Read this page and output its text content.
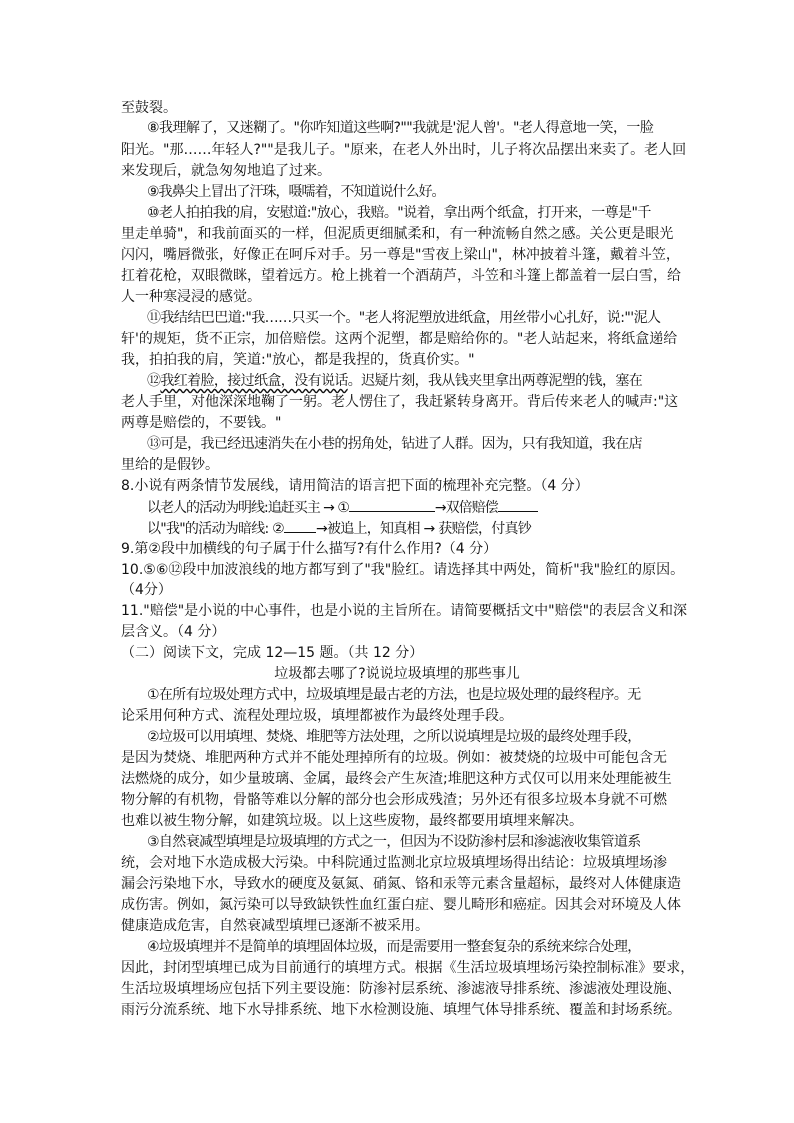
至鼓裂。
⑧我理解了，又迷糊了。"你咋知道这些啊?""我就是'泥人曾'。"老人得意地一笑，一脸
阳光。"那……年轻人?""是我儿子。"原来，在老人外出时，儿子将次品摆出来卖了。老人回
来发现后，就急匆匆地追了过来。
⑨我鼻尖上冒出了汗珠，嗫嚅着，不知道说什么好。
⑩老人拍拍我的肩，安慰道:"放心，我赔。"说着，拿出两个纸盒，打开来，一尊是"千
里走单骑"，和我前面买的一样，但泥质更细腻柔和，有一种流畅自然之感。关公更是眼光
闪闪，嘴唇微张，好像正在呵斥对手。另一尊是"雪夜上梁山"，林冲披着斗篷，戴着斗笠，
扛着花枪，双眼微眯，望着远方。枪上挑着一个酒葫芦，斗笠和斗篷上都盖着一层白雪，给
人一种寒浸浸的感觉。
⑪我结结巴巴道:"我……只买一个。"老人将泥塑放进纸盒，用丝带小心扎好，说:"'泥人
轩'的规矩，货不正宗，加倍赔偿。这两个泥塑，都是赔给你的。"老人站起来，将纸盒递给
我，拍拍我的肩，笑道:"放心，都是我捏的，货真价实。"
⑫我红着脸，接过纸盒，没有说话。迟疑片刻，我从钱夹里拿出两尊泥塑的钱，塞在
老人手里，对他深深地鞠了一躬。老人愣住了，我赶紧转身离开。背后传来老人的喊声:"这
两尊是赔偿的，不要钱。"
⑬可是，我已经迅速消失在小巷的拐角处，钻进了人群。因为，只有我知道，我在店
里给的是假钞。
8.小说有两条情节发展线，请用简洁的语言把下面的梳理补充完整。（4 分）
以老人的活动为明线:追赶买主 → ①	→双倍赔偿
以"我"的活动为暗线: ② →被追上，知真相 → 获赔偿，付真钞
9.第②段中加横线的句子属于什么描写?有什么作用?（4 分）
10.⑤⑥⑫段中加波浪线的地方都写到了"我"脸红。请选择其中两处，简析"我"脸红的原因。
（4分）
11."赔偿"是小说的中心事件，也是小说的主旨所在。请简要概括文中"赔偿"的表层含义和深
层含义。（4 分）
（二）阅读下文，完成 12—15 题。（共 12 分）
垃圾都去哪了?说说垃圾填埋的那些事儿
①在所有垃圾处理方式中，垃圾填埋是最古老的方法，也是垃圾处理的最终程序。无
论采用何种方式、流程处理垃圾，填埋都被作为最终处理手段。
②垃圾可以用填埋、焚烧、堆肥等方法处理，之所以说填埋是垃圾的最终处理手段，
是因为焚烧、堆肥两种方式并不能处理掉所有的垃圾。例如：被焚烧的垃圾中可能包含无
法燃烧的成分，如少量玻璃、金属，最终会产生灰渣;堆肥这种方式仅可以用来处理能被生
物分解的有机物，骨骼等难以分解的部分也会形成残渣；另外还有很多垃圾本身就不可燃
也难以被生物分解，如建筑垃圾。以上这些废物，最终都要用填埋来解决。
③自然衰减型填埋是垃圾填埋的方式之一，但因为不设防渗村层和渗滤液收集管道系
统，会对地下水造成极大污染。中科院通过监测北京垃圾填埋场得出结论：垃圾填埋场渗
漏会污染地下水，导致水的硬度及氨氮、硝氮、铬和汞等元素含量超标，最终对人体健康造
成伤害。例如，氮污染可以导致缺铁性血红蛋白症、婴儿畸形和癌症。因其会对环境及人体
健康造成危害，自然衰减型填埋已逐渐不被采用。
④垃圾填埋并不是简单的填埋固体垃圾，而是需要用一整套复杂的系统来综合处理，
因此，封闭型填埋已成为目前通行的填埋方式。根据《生活垃圾填埋场污染控制标准》要求，
生活垃圾填埋场应包括下列主要设施：防渗衬层系统、渗滤液导排系统、渗滤液处理设施、
雨污分流系统、地下水导排系统、地下水检测设施、填埋气体导排系统、覆盖和封场系统。
